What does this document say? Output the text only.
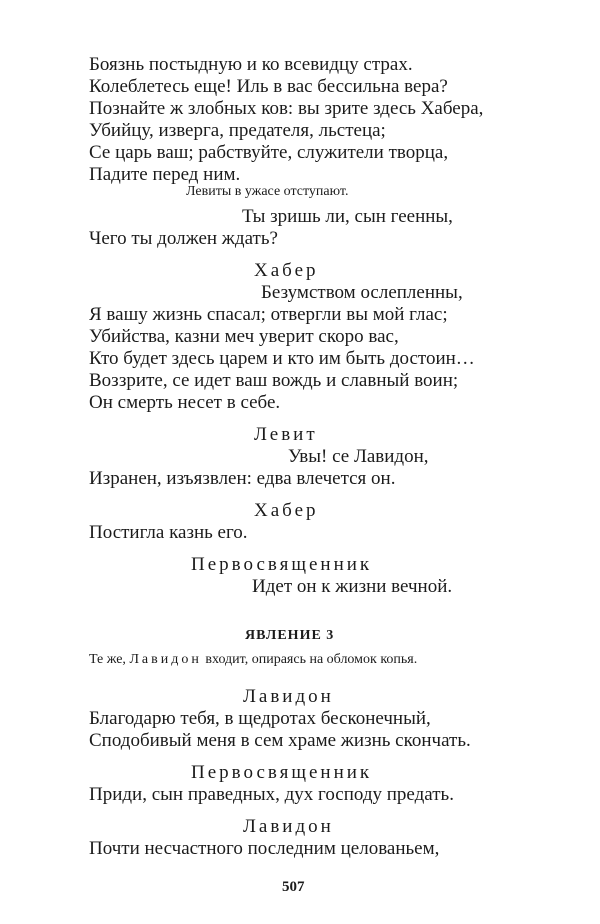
Боязнь постыдную и ко всевидцу страх.
Колеблетесь еще! Иль в вас бессильна вера?
Познайте ж злобных ков: вы зрите здесь Хабера,
Убийцу, изверга, предателя, льстеца;
Се царь ваш; рабствуйте, служители творца,
Падите перед ним.
Левиты в ужасе отступают.
Ты зришь ли, сын геенны,
Чего ты должен ждать?
Хабер
Безумством ослепленны,
Я вашу жизнь спасал; отвергли вы мой глас;
Убийства, казни меч уверит скоро вас,
Кто будет здесь царем и кто им быть достоин…
Воззрите, се идет ваш вождь и славный воин;
Он смерть несет в себе.
Левит
Увы! се Лавидон,
Изранен, изъязвлен: едва влечется он.
Хабер
Постигла казнь его.
Первосвященник
Идет он к жизни вечной.
ЯВЛЕНИЕ 3
Те же, Лавидон входит, опираясь на обломок копья.
Лавидон
Благодарю тебя, в щедротах бесконечный,
Сподобивый меня в сем храме жизнь скончать.
Первосвященник
Приди, сын праведных, дух господу предать.
Лавидон
Почти несчастного последним целованьем,
507
